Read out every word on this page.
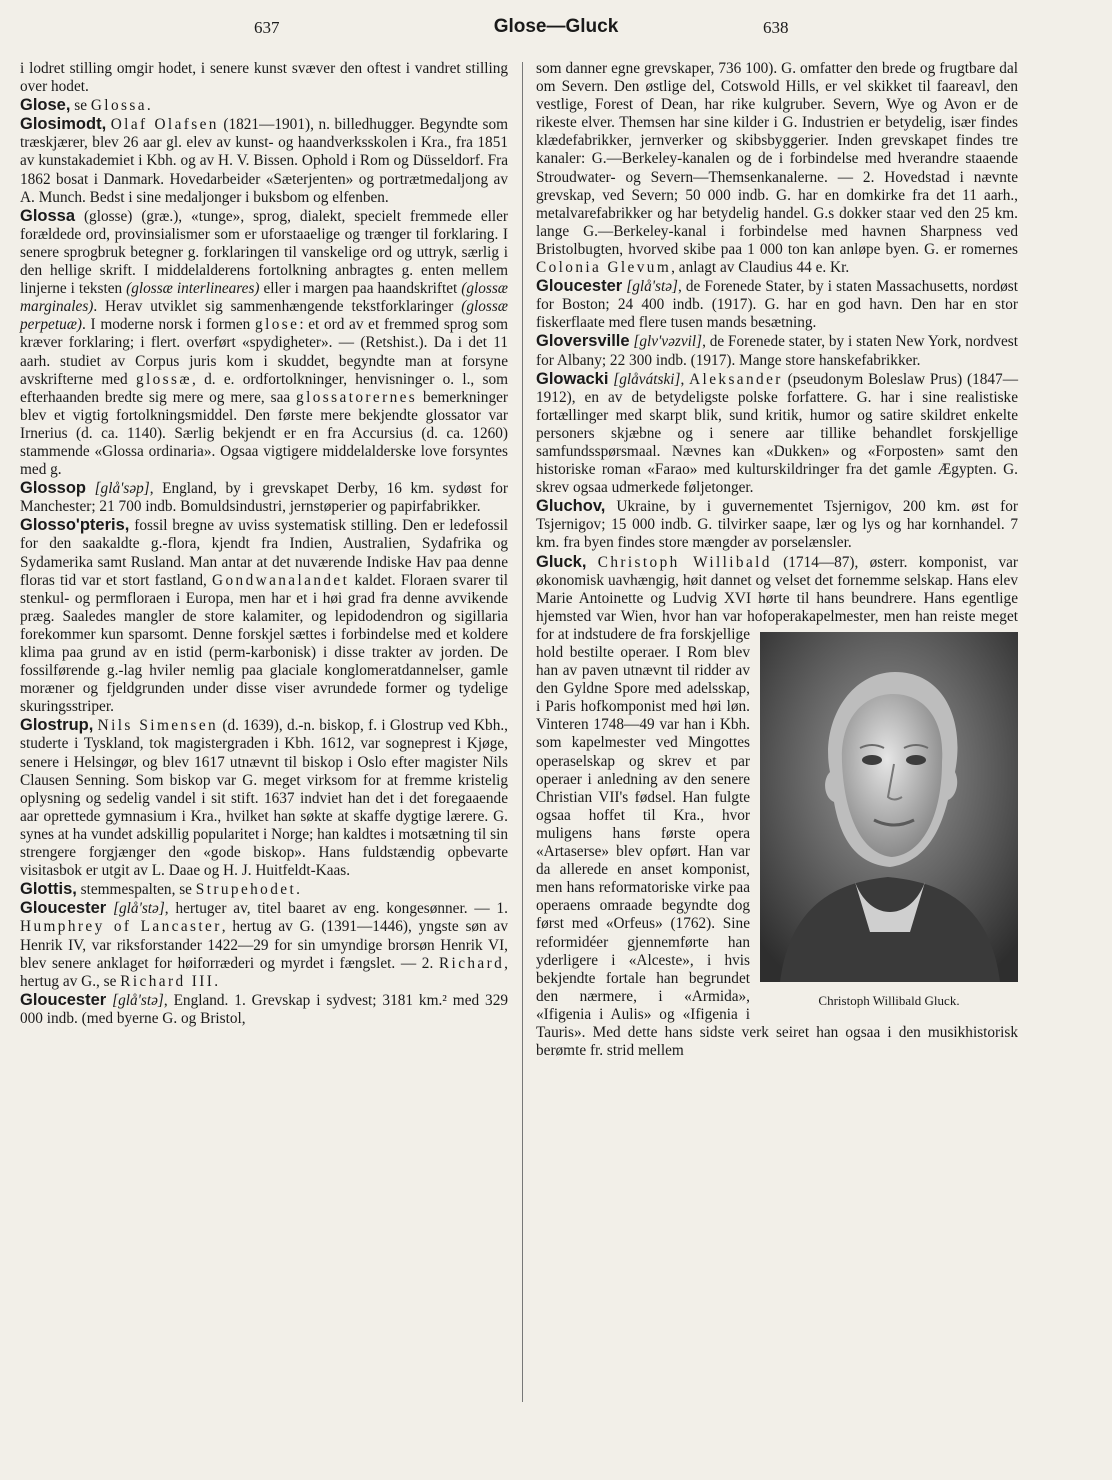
637	Glose—Gluck	638

i lodret stilling omgir hodet, i senere kunst svæver den oftest i vandret stilling over hodet.

Glose, se Glossa.

Glosimodt, Olaf Olafsen (1821—1901), n. billedhugger. Begyndte som træskjærer, blev 26 aar gl. elev av kunst- og haandverksskolen i Kra., fra 1851 av kunstakademiet i Kbh. og av H. V. Bissen. Ophold i Rom og Düsseldorf. Fra 1862 bosat i Danmark. Hovedarbeider «Sæterjenten» og portrætmedaljong av A. Munch. Bedst i sine medaljonger i buksbom og elfenben.

Glossa (glosse) (græ.), «tunge», sprog, dialekt, specielt fremmede eller forældede ord, provinsialismer som er uforstaaelige og trænger til forklaring. I senere sprogbruk betegner g. forklaringen til vanskelige ord og uttryk, særlig i den hellige skrift. I middelalderens fortolkning anbragtes g. enten mellem linjerne i teksten (glossæ interlineares) eller i margen paa haandskriftet (glossæ marginales). Herav utviklet sig sammenhængende tekstforklaringer (glossæ perpetuæ). I moderne norsk i formen glose: et ord av et fremmed sprog som kræver forklaring; i flert. overført «spydigheter». — (Retshist.). Da i det 11 aarh. studiet av Corpus juris kom i skuddet, begyndte man at forsyne avskrifterne med glossæ, d. e. ordfortolkninger, henvisninger o. l., som efterhaanden bredte sig mere og mere, saa glossatorernes bemerkninger blev et vigtig fortolkningsmiddel. Den første mere bekjendte glossator var Irnerius (d. ca. 1140). Særlig bekjendt er en fra Accursius (d. ca. 1260) stammende «Glossa ordinaria». Ogsaa vigtigere middelalderske love forsyntes med g.

Glossop [glå'səp], England, by i grevskapet Derby, 16 km. sydøst for Manchester; 21 700 indb. Bomuldsindustri, jernstøperier og papirfabrikker.

Glosso'pteris, fossil bregne av uviss systematisk stilling. Den er ledefossil for den saakaldte g.-flora, kjendt fra Indien, Australien, Sydafrika og Sydamerika samt Rusland. Man antar at det nuværende Indiske Hav paa denne floras tid var et stort fastland, Gondwanalandet kaldet. Floraen svarer til stenkul- og permfloraen i Europa, men har et i høi grad fra denne avvikende præg. Saaledes mangler de store kalamiter, og lepidodendron og sigillaria forekommer kun sparsomt. Denne forskjel sættes i forbindelse med et koldere klima paa grund av en istid (perm-karbonisk) i disse trakter av jorden. De fossilførende g.-lag hviler nemlig paa glaciale konglomeratdannelser, gamle moræner og fjeldgrunden under disse viser avrundede former og tydelige skuringsstriper.

Glostrup, Nils Simensen (d. 1639), d.-n. biskop, f. i Glostrup ved Kbh., studerte i Tyskland, tok magistergraden i Kbh. 1612, var sogneprest i Kjøge, senere i Helsingør, og blev 1617 utnævnt til biskop i Oslo efter magister Nils Clausen Senning. Som biskop var G. meget virksom for at fremme kristelig oplysning og sedelig vandel i sit stift. 1637 indviet han det i det foregaaende aar oprettede gymnasium i Kra., hvilket han søkte at skaffe dygtige lærere. G. synes at ha vundet adskillig popularitet i Norge; han kaldtes i motsætning til sin strengere forgjænger den «gode biskop». Hans fuldstændig opbevarte visitasbok er utgit av L. Daae og H. J. Huitfeldt-Kaas.

Glottis, stemmespalten, se Strupehodet.

Gloucester [glå'stə], hertuger av, titel baaret av eng. kongesønner. — 1. Humphrey of Lancaster, hertug av G. (1391—1446), yngste søn av Henrik IV, var riksforstander 1422—29 for sin umyndige brorsøn Henrik VI, blev senere anklaget for høiforræderi og myrdet i fængslet. — 2. Richard, hertug av G., se Richard III.

Gloucester [glå'stə], England. 1. Grevskap i sydvest; 3181 km.² med 329 000 indb. (med byerne G. og Bristol,

som danner egne grevskaper, 736 100). G. omfatter den brede og frugtbare dal om Severn. Den østlige del, Cotswold Hills, er vel skikket til faareavl, den vestlige, Forest of Dean, har rike kulgruber. Severn, Wye og Avon er de rikeste elver. Themsen har sine kilder i G. Industrien er betydelig, især findes klædefabrikker, jernverker og skibsbyggerier. Inden grevskapet findes tre kanaler: G.—Berkeley-kanalen og de i forbindelse med hverandre staaende Stroudwater- og Severn—Themsenkanalerne. — 2. Hovedstad i nævnte grevskap, ved Severn; 50 000 indb. G. har en domkirke fra det 11 aarh., metalvarefabrikker og har betydelig handel. G.s dokker staar ved den 25 km. lange G.—Berkeley-kanal i forbindelse med havnen Sharpness ved Bristolbugten, hvorved skibe paa 1 000 ton kan anløpe byen. G. er romernes Colonia Glevum, anlagt av Claudius 44 e. Kr.

Gloucester [glå'stə], de Forenede Stater, by i staten Massachusetts, nordøst for Boston; 24 400 indb. (1917). G. har en god havn. Den har en stor fiskerflaate med flere tusen mands besætning.

Gloversville [glv'vəzvil], de Forenede stater, by i staten New York, nordvest for Albany; 22 300 indb. (1917). Mange store hanskefabrikker.

Glowacki [glåvátski], Aleksander (pseudonym Boleslaw Prus) (1847—1912), en av de betydeligste polske forfattere. G. har i sine realistiske fortællinger med skarpt blik, sund kritik, humor og satire skildret enkelte personers skjæbne og i senere aar tillike behandlet forskjellige samfundsspørsmaal. Nævnes kan «Dukken» og «Forposten» samt den historiske roman «Farao» med kulturskildringer fra det gamle Ægypten. G. skrev ogsaa udmerkede føljetonger.

Gluchov, Ukraine, by i guvernementet Tsjernigov, 200 km. øst for Tsjernigov; 15 000 indb. G. tilvirker saape, lær og lys og har kornhandel. 7 km. fra byen findes store mængder av porselænsler.

Gluck, Christoph Willibald (1714—87), østerr. komponist, var økonomisk uavhængig, høit dannet og velset det fornemme selskap. Hans elev Marie Antoinette og Ludvig XVI hørte til hans beundrere. Hans egentlige hjemsted var Wien, hvor han var hofoperakapelmester,
Christoph Willibald Gluck.
men han reiste meget for at indstudere de fra forskjellige hold bestilte operaer. I Rom blev han av paven utnævnt til ridder av den Gyldne Spore med adelsskap, i Paris hofkomponist med høi løn. Vinteren 1748—49 var han i Kbh. som kapelmester ved Mingottes operaselskap og skrev et par operaer i anledning av den senere Christian VII's fødsel. Han fulgte ogsaa hoffet til Kra., hvor muligens hans første opera «Artaserse» blev opført. Han var da allerede en anset komponist, men hans reformatoriske virke paa operaens omraade begyndte dog først med «Orfeus» (1762). Sine reformidéer gjennemførte han yderligere i «Alceste», i hvis bekjendte fortale han begrundet den nærmere, i «Armida», «Ifigenia i Aulis» og «Ifigenia i Tauris». Med dette hans sidste verk seiret han ogsaa i den musikhistorisk berømte fr. strid mellem
